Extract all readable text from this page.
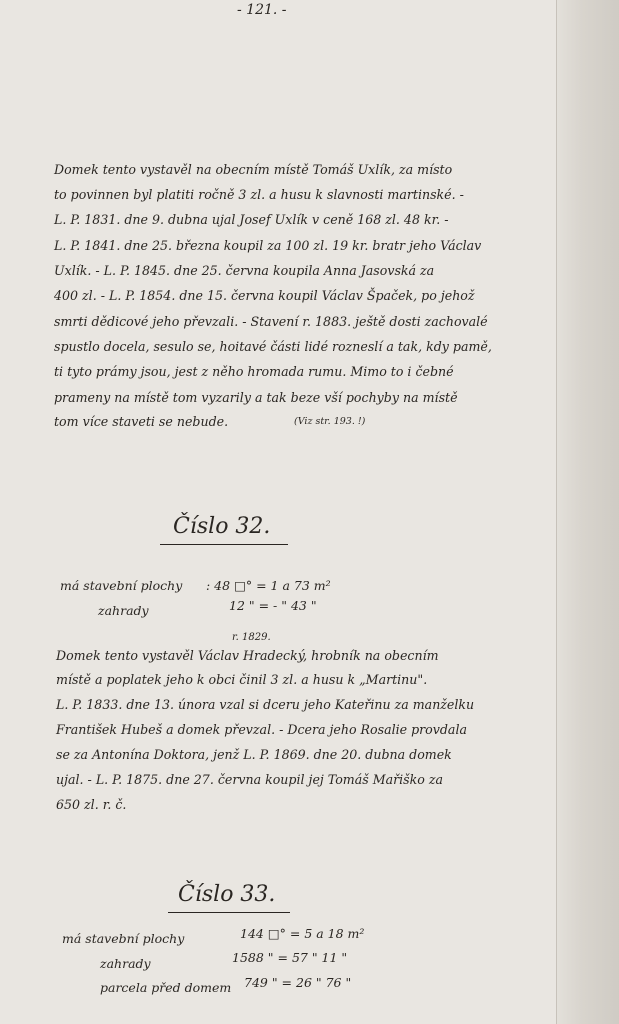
- 121. -
Domek tento vystavěl na obecním místě Tomáš Uxlík, za místo
to povinnen byl platiti ročně 3 zl. a husu k slavnosti martinské. -
L. P. 1831. dne 9. dubna ujal Josef Uxlík v ceně 168 zl. 48 kr. -
L. P. 1841. dne 25. března koupil za 100 zl. 19 kr. bratr jeho Václav
Uxlík. - L. P. 1845. dne 25. června koupila Anna Jasovská za
400 zl. - L. P. 1854. dne 15. června koupil Václav Špaček, po jehož
smrti dědicové jeho převzali. - Stavení r. 1883. ještě dosti zachovalé
spustlo docela, sesulo se, hoitavé části lidé rozneslí a tak, kdy pamě,
ti tyto prámy jsou, jest z něho hromada rumu. Mimo to i čebné
prameny na místě tom vyzarily a tak beze vší pochyby na místě
tom více staveti se nebude.	(Viz str. 193. !)
Číslo 32.
má stavební plochy : 48 □° = 1 a 73 m²
zahrady	12 " = - " 43 "
r. 1829.
Domek tento vystavěl Václav Hradecký, hrobník na obecním
místě a poplatek jeho k obci činil 3 zl. a husu k „Martinu".
L. P. 1833. dne 13. února vzal si dceru jeho Kateřinu za manželku
František Hubeš a domek převzal. - Dcera jeho Rosalie provdala
se za Antonína Doktora, jenž L. P. 1869. dne 20. dubna domek
ujal. - L. P. 1875. dne 27. června koupil jej Tomáš Mařiško za
650 zl. r. č.
Číslo 33.
má stavební plochy	144 □° = 5 a 18 m²
zahrady	1588 " = 57 " 11 "
parcela před domem 749 " = 26 " 76 "
